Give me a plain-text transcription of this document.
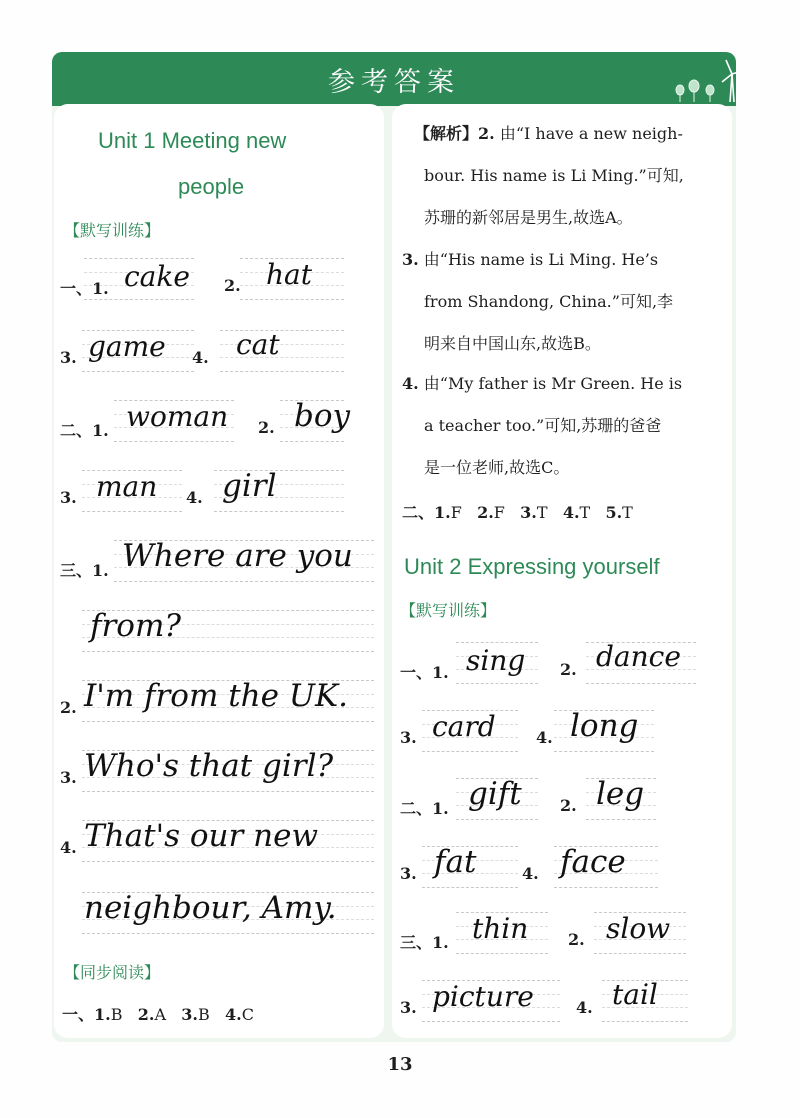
参考答案
Unit 1 Meeting new
people
【默写训练】
一、1. cake 2. hat
3. game 4. cat
二、1. woman 2. boy
3. man 4. girl
三、1. Where are you
from?
2. I'm from the UK.
3. Who's that girl?
4. That's our new
neighbour, Amy.
【同步阅读】
一、1.B 2.A 3.B 4.C
【解析】2. 由“I have a new neigh-
bour. His name is Li Ming.”可知,
苏珊的新邻居是男生,故选A。
3. 由“His name is Li Ming. He’s
from Shandong, China.”可知,李
明来自中国山东,故选B。
4. 由“My father is Mr Green. He is
a teacher too.”可知,苏珊的爸爸
是一位老师,故选C。
二、1.F 2.F 3.T 4.T 5.T
Unit 2 Expressing yourself
【默写训练】
一、1. sing 2. dance
3. card	4. long
二、1. gift 2. leg
3. fat	4. face
三、1. thin 2. slow
3. picture	4. tail
13
